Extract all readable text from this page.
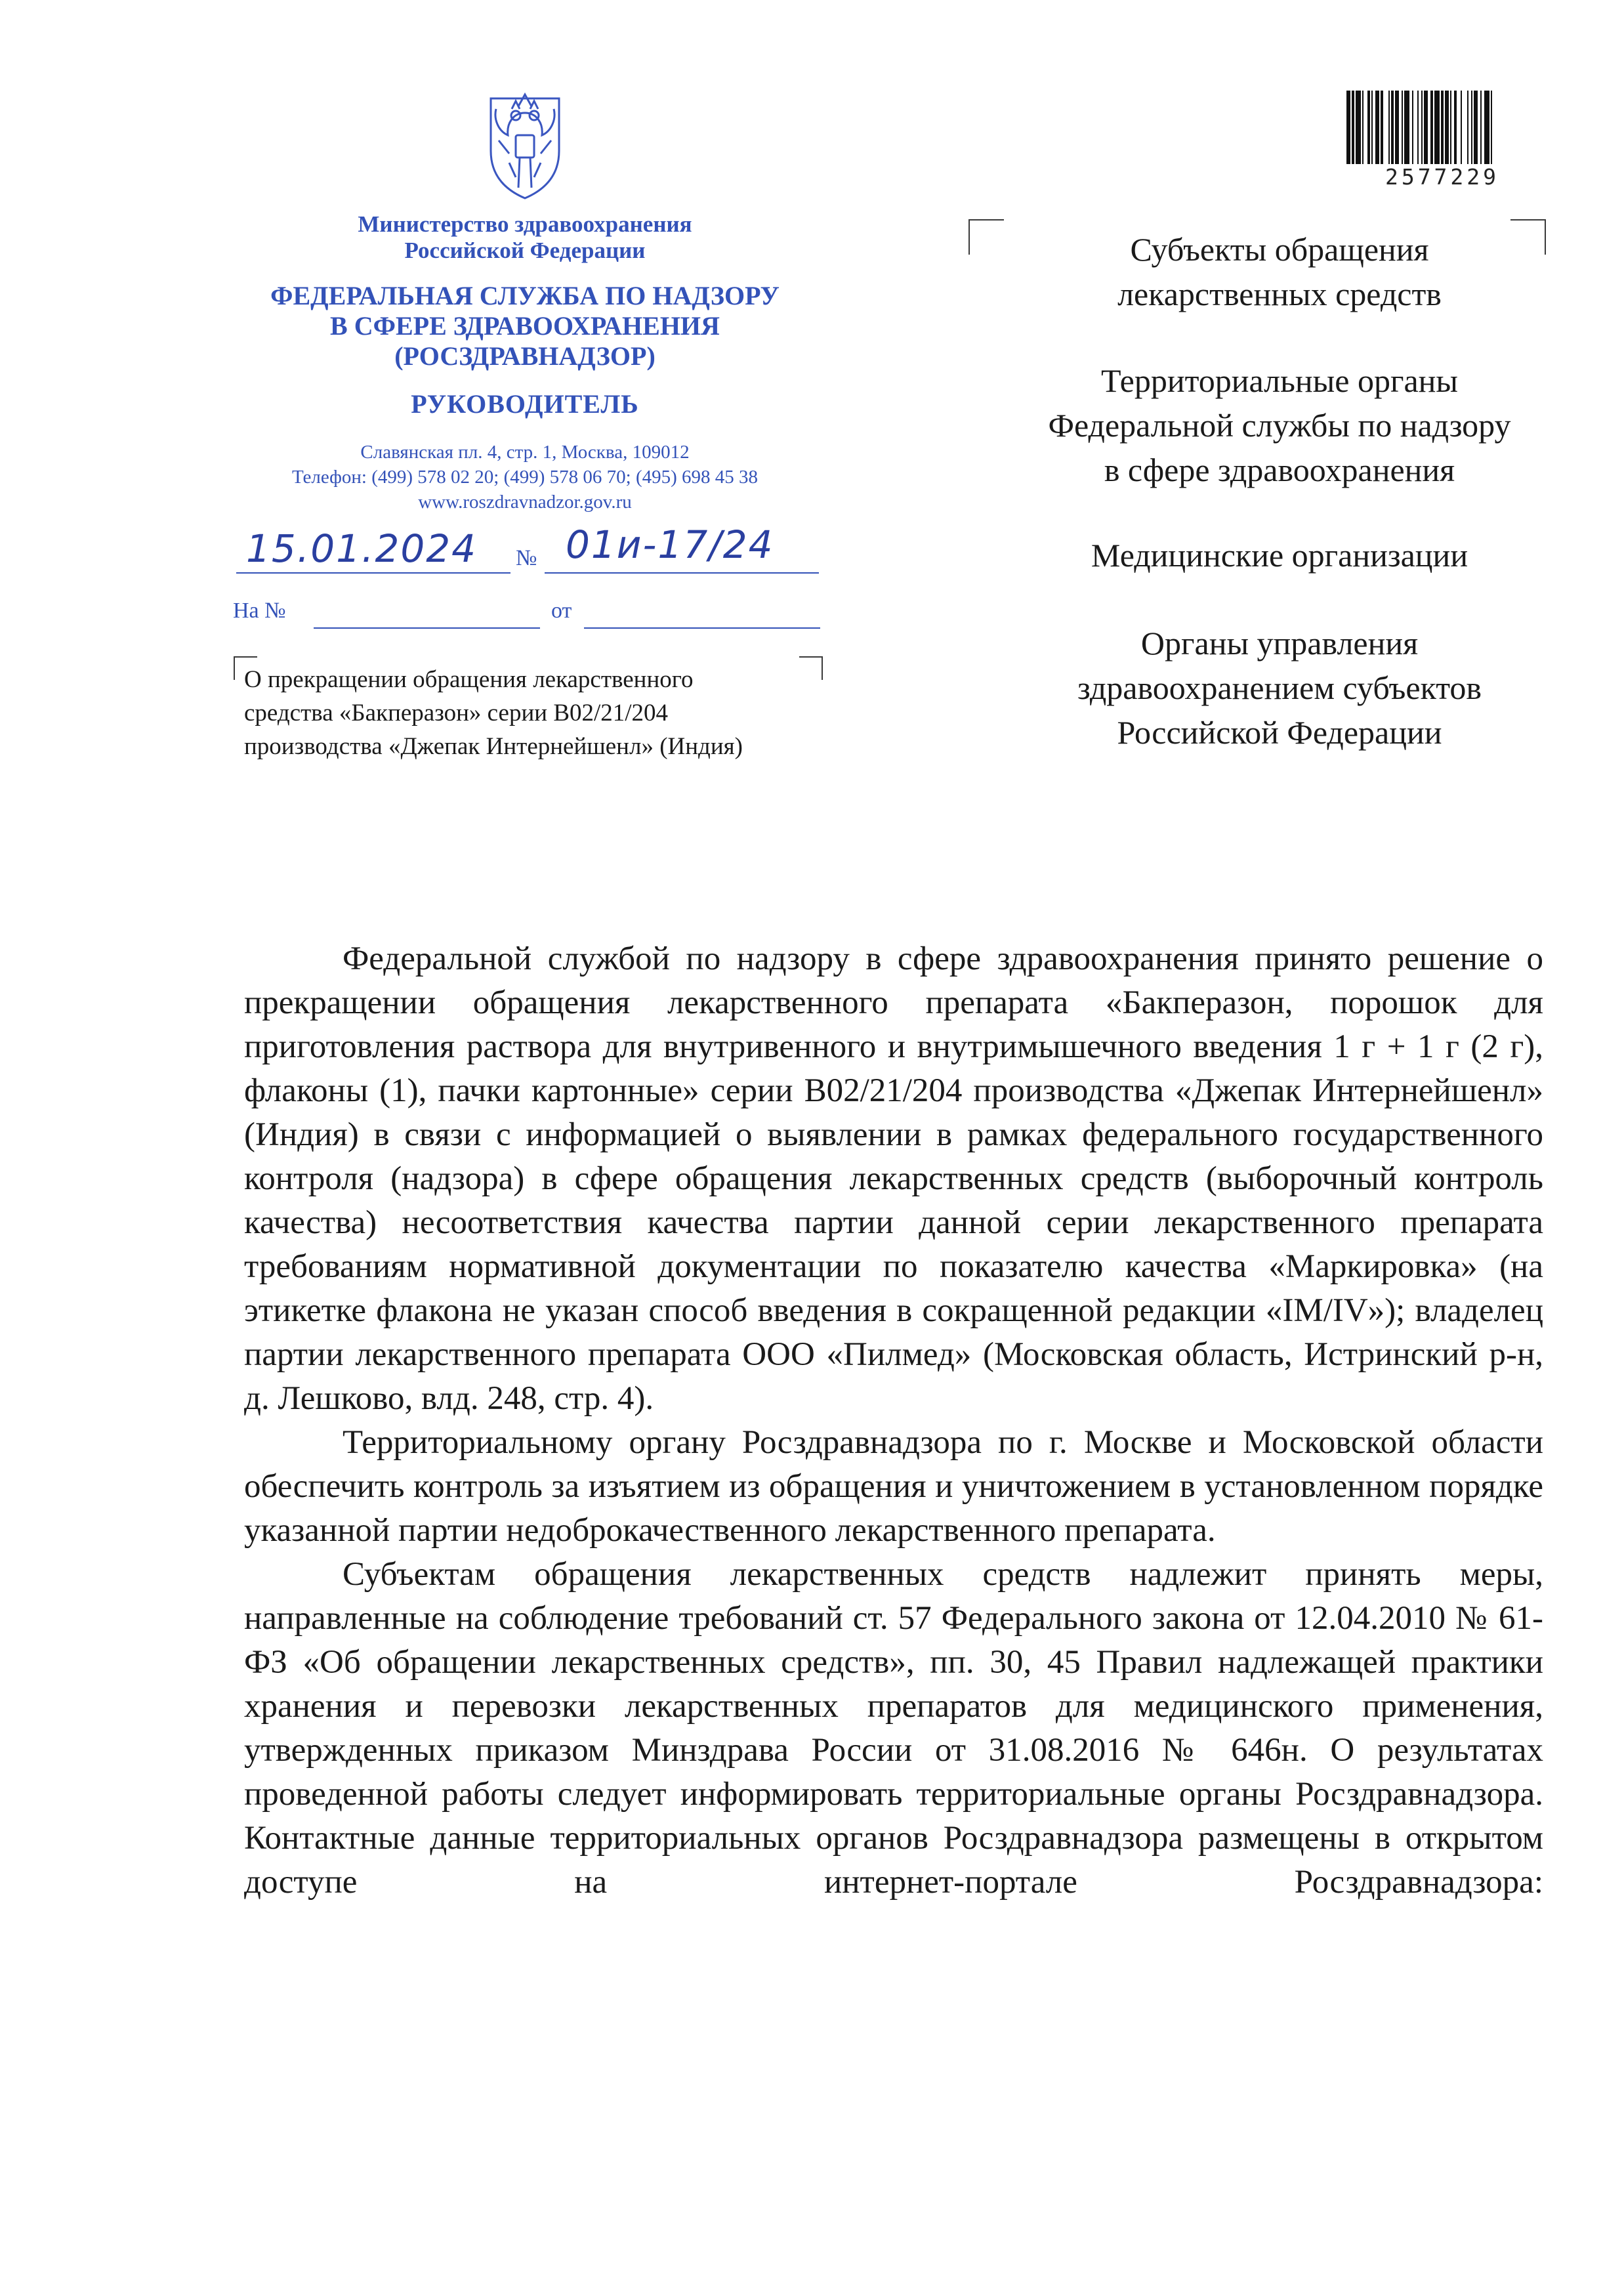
Министерство здравоохранения
Российской Федерации
ФЕДЕРАЛЬНАЯ СЛУЖБА ПО НАДЗОРУ
В СФЕРЕ ЗДРАВООХРАНЕНИЯ
(РОСЗДРАВНАДЗОР)
РУКОВОДИТЕЛЬ
Славянская пл. 4, стр. 1, Москва, 109012
Телефон: (499) 578 02 20; (499) 578 06 70; (495) 698 45 38
www.roszdravnadzor.gov.ru
15.01.2024 № 01и-17/24
На №	от
О прекращении обращения лекарственного
средства «Бакперазон» серии B02/21/204
производства «Джепак Интернейшенл» (Индия)
2577229
Субъекты обращения
лекарственных средств
Территориальные органы
Федеральной службы по надзору
в сфере здравоохранения
Медицинские организации
Органы управления
здравоохранением субъектов
Российской Федерации

Федеральной службой по надзору в сфере здравоохранения принято решение о прекращении обращения лекарственного препарата «Бакперазон, порошок для приготовления раствора для внутривенного и внутримышечного введения 1 г + 1 г (2 г), флаконы (1), пачки картонные» серии B02/21/204 производства «Джепак Интернейшенл» (Индия) в связи с информацией о выявлении в рамках федерального государственного контроля (надзора) в сфере обращения лекарственных средств (выборочный контроль качества) несоответствия качества партии данной серии лекарственного препарата требованиям нормативной документации по показателю качества «Маркировка» (на этикетке флакона не указан способ введения в сокращенной редакции «IM/IV»); владелец партии лекарственного препарата ООО «Пилмед» (Московская область, Истринский р-н, д. Лешково, влд. 248, стр. 4).

Территориальному органу Росздравнадзора по г. Москве и Московской области обеспечить контроль за изъятием из обращения и уничтожением в установленном порядке указанной партии недоброкачественного лекарственного препарата.

Субъектам обращения лекарственных средств надлежит принять меры, направленные на соблюдение требований ст. 57 Федерального закона от 12.04.2010 № 61-ФЗ «Об обращении лекарственных средств», пп. 30, 45 Правил надлежащей практики хранения и перевозки лекарственных препаратов для медицинского применения, утвержденных приказом Минздрава России от 31.08.2016 № 646н. О результатах проведенной работы следует информировать территориальные органы Росздравнадзора. Контактные данные территориальных органов Росздравнадзора размещены в открытом доступе на интернет-портале Росздравнадзора:
